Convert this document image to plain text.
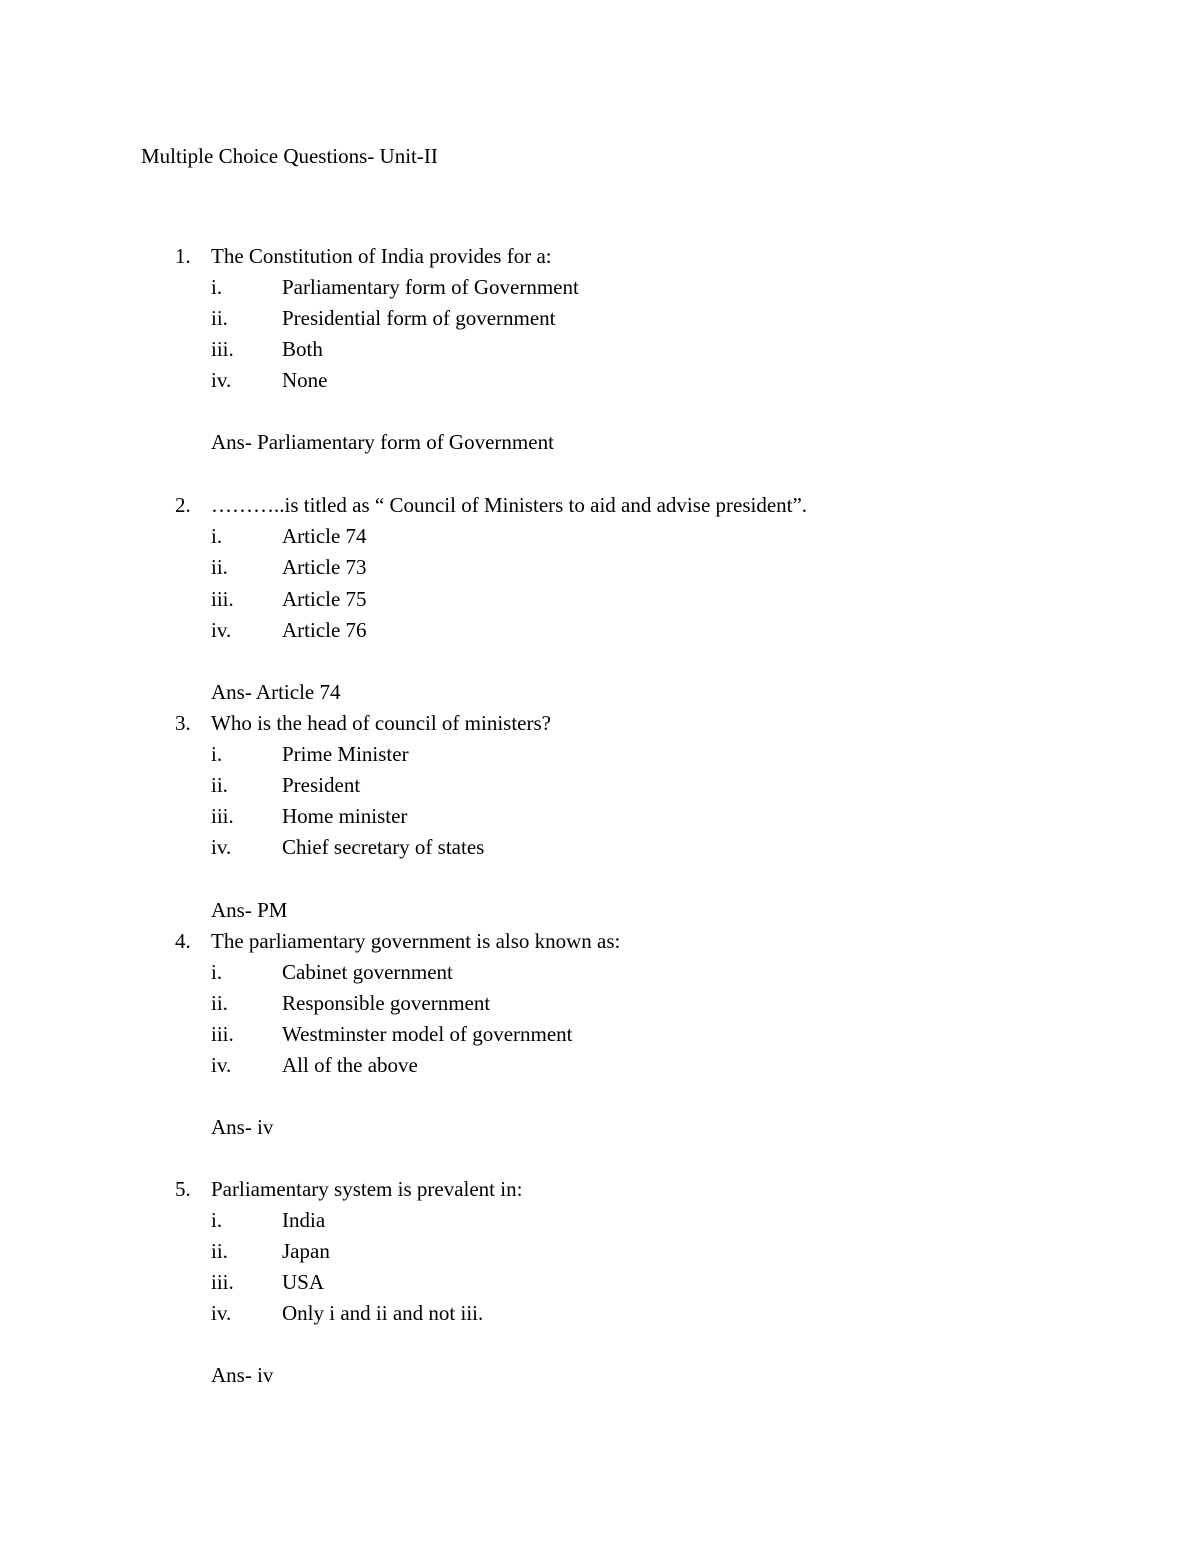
Multiple Choice Questions- Unit-II
1. The Constitution of India provides for a:
i.	Parliamentary form of Government
ii.	Presidential form of government
iii. Both
iv. None
Ans- Parliamentary form of Government
2. ………..is titled as “ Council of Ministers to aid and advise president”.
i.	Article 74
ii.	Article 73
iii. Article 75
iv. Article 76
Ans- Article 74
3. Who is the head of council of ministers?
i.	Prime Minister
ii.	President
iii. Home minister
iv. Chief secretary of states
Ans- PM
4. The parliamentary government is also known as:
i.	Cabinet government
ii.	Responsible government
iii. Westminster model of government
iv. All of the above
Ans- iv
5. Parliamentary system is prevalent in:
i.	India
ii.	Japan
iii. USA
iv. Only i and ii and not iii.
Ans- iv
